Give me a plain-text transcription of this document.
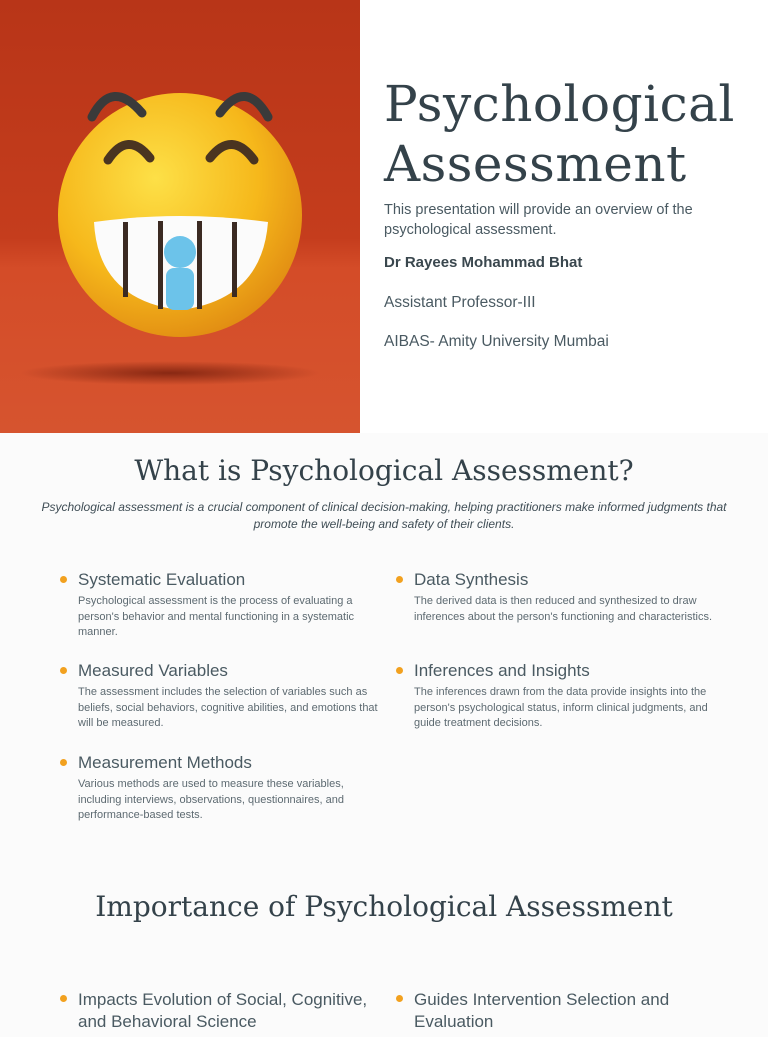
Psychological
Assessment

This presentation will provide an overview of the psychological assessment.

Dr Rayees Mohammad Bhat

Assistant Professor-III

AIBAS- Amity University Mumbai

What is Psychological Assessment?

Psychological assessment is a crucial component of clinical decision-making, helping practitioners make informed judgments that promote the well-being and safety of their clients.

Systematic Evaluation

Psychological assessment is the process of evaluating a person's behavior and mental functioning in a systematic manner.

Data Synthesis

The derived data is then reduced and synthesized to draw inferences about the person's functioning and characteristics.

Measured Variables

The assessment includes the selection of variables such as beliefs, social behaviors, cognitive abilities, and emotions that will be measured.

Inferences and Insights

The inferences drawn from the data provide insights into the person's psychological status, inform clinical judgments, and guide treatment decisions.

Measurement Methods

Various methods are used to measure these variables, including interviews, observations, questionnaires, and performance-based tests.

Importance of Psychological Assessment

Impacts Evolution of Social, Cognitive, and Behavioral Science

Guides Intervention Selection and Evaluation
